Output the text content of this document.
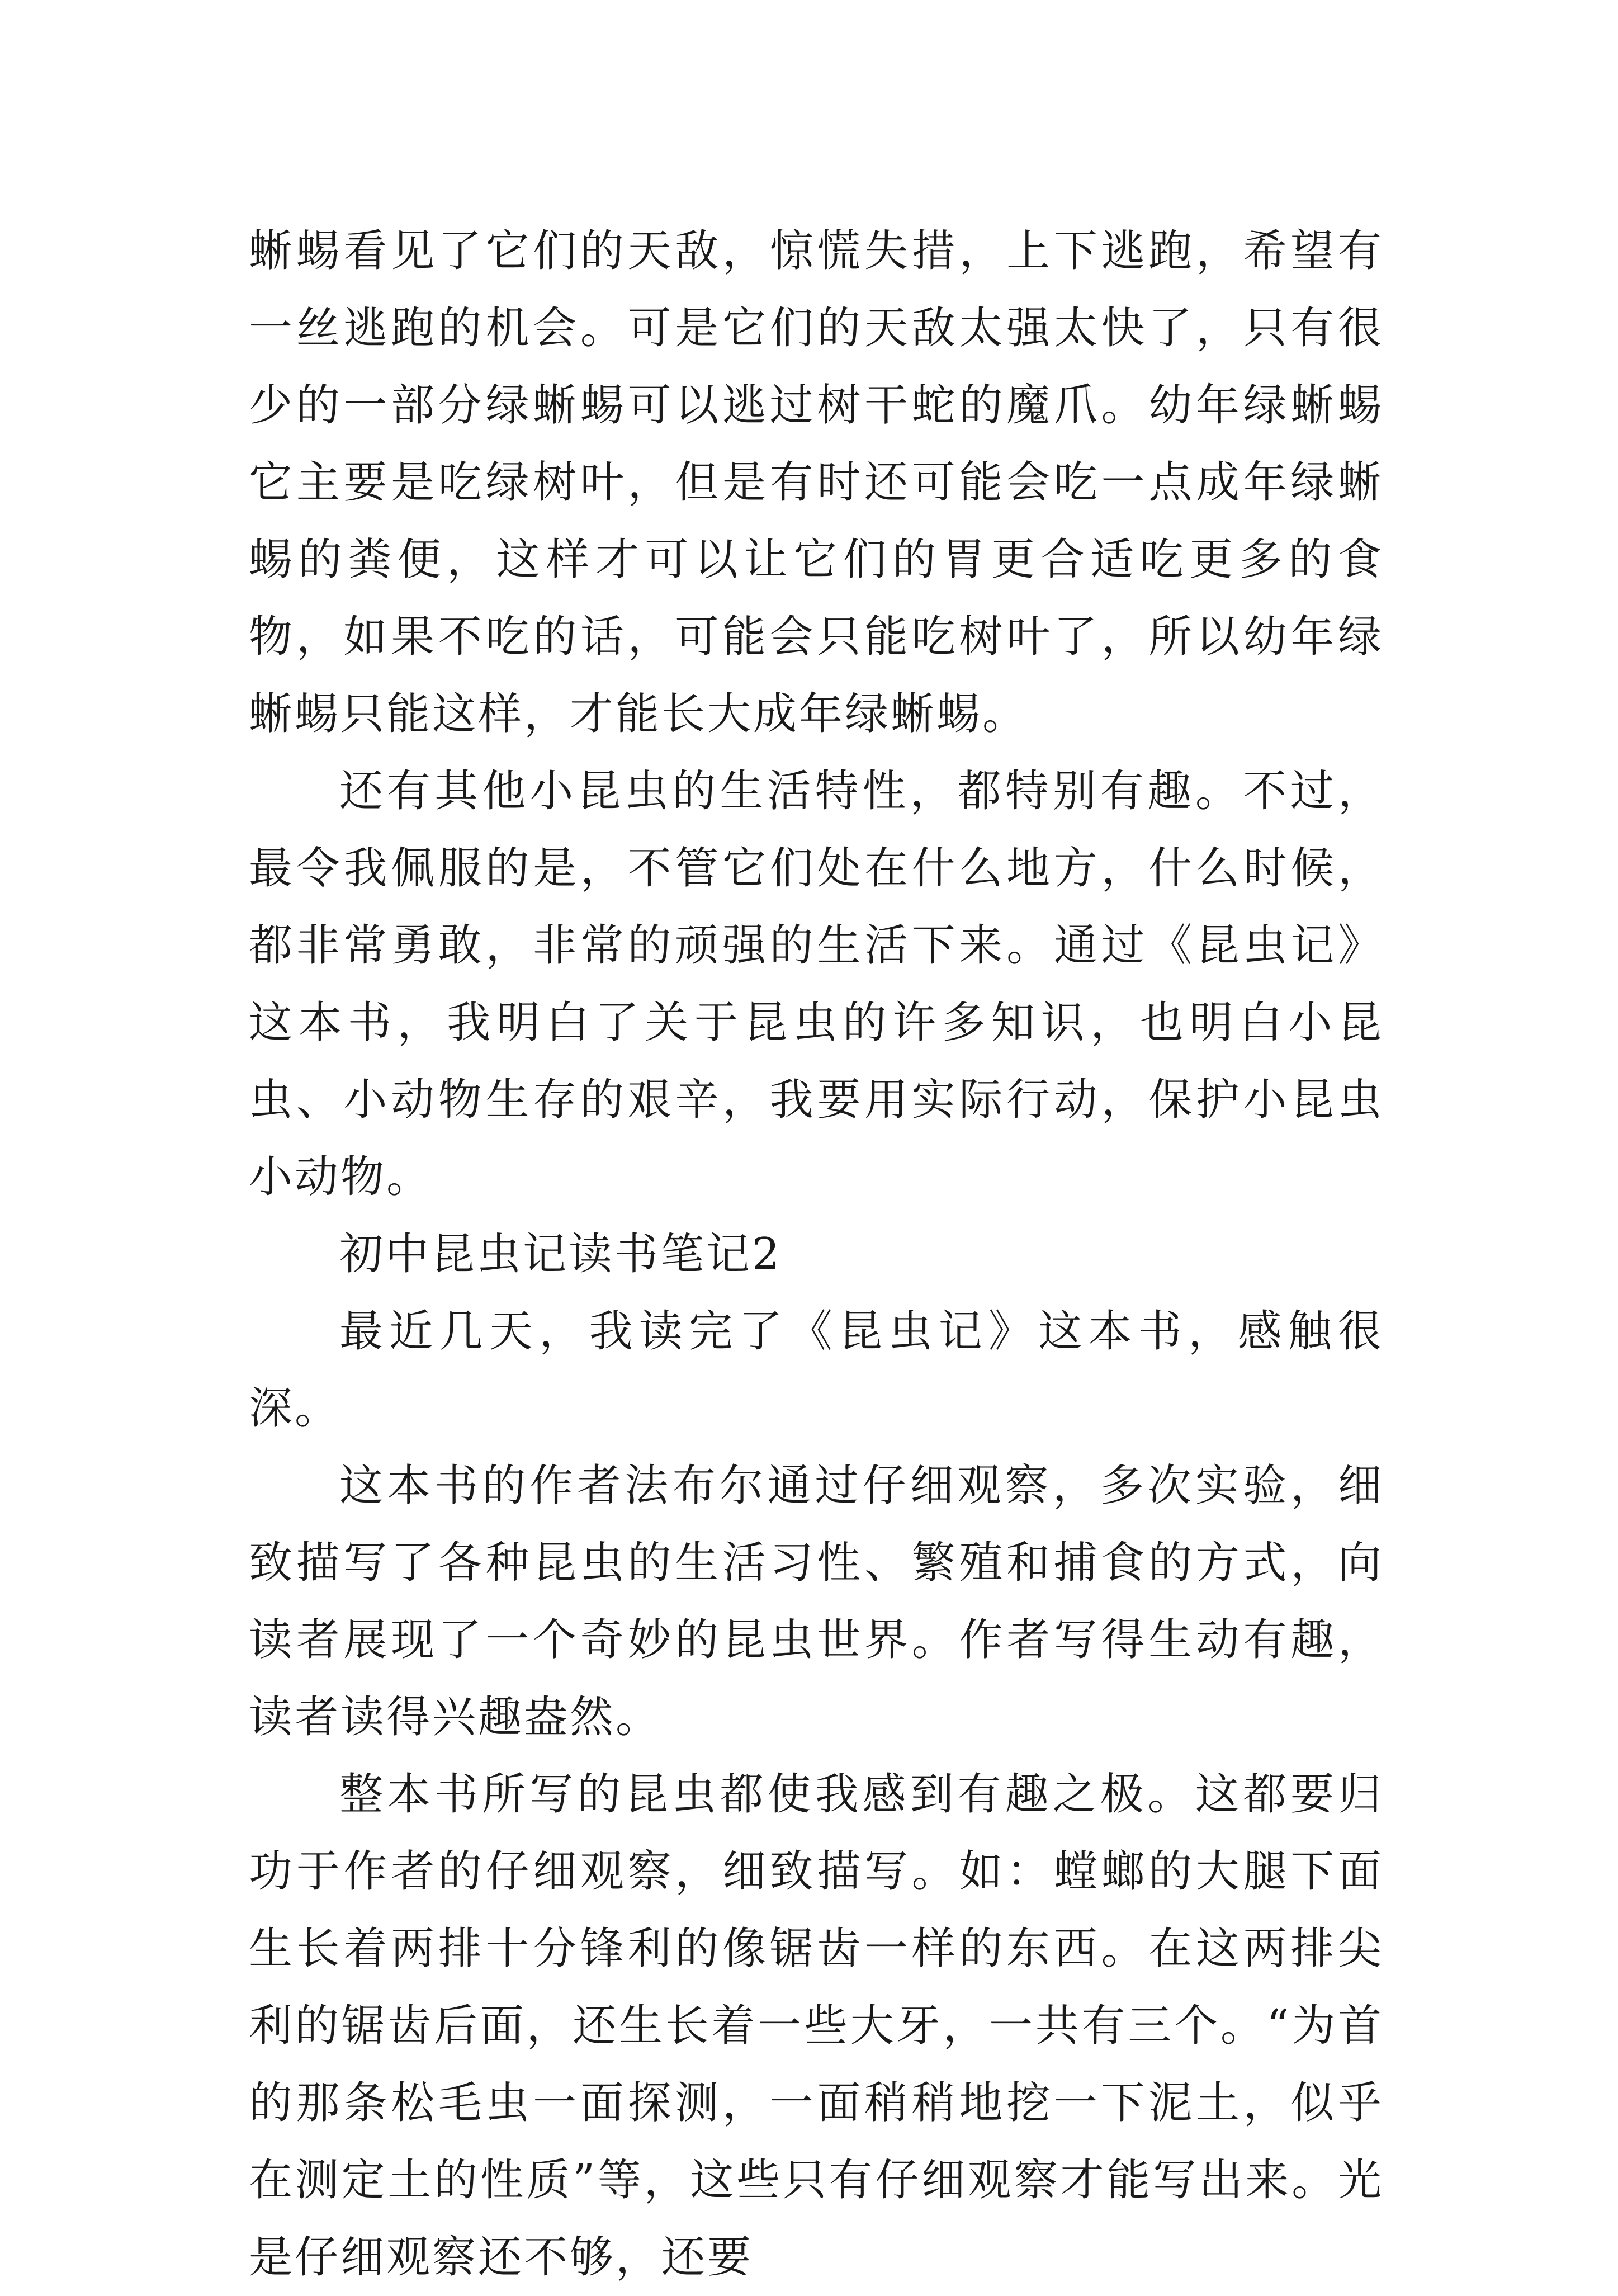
蜥蜴看见了它们的天敌，惊慌失措，上下逃跑，希望有一丝逃跑的机会。可是它们的天敌太强太快了，只有很少的一部分绿蜥蜴可以逃过树干蛇的魔爪。幼年绿蜥蜴它主要是吃绿树叶，但是有时还可能会吃一点成年绿蜥蜴的粪便，这样才可以让它们的胃更合适吃更多的食物，如果不吃的话，可能会只能吃树叶了，所以幼年绿蜥蜴只能这样，才能长大成年绿蜥蜴。

还有其他小昆虫的生活特性，都特别有趣。不过，最令我佩服的是，不管它们处在什么地方，什么时候，都非常勇敢，非常的顽强的生活下来。通过《昆虫记》这本书，我明白了关于昆虫的许多知识，也明白小昆虫、小动物生存的艰辛，我要用实际行动，保护小昆虫小动物。

初中昆虫记读书笔记2

最近几天，我读完了《昆虫记》这本书，感触很深。

这本书的作者法布尔通过仔细观察，多次实验，细致描写了各种昆虫的生活习性、繁殖和捕食的方式，向读者展现了一个奇妙的昆虫世界。作者写得生动有趣，读者读得兴趣盎然。

整本书所写的昆虫都使我感到有趣之极。这都要归功于作者的仔细观察，细致描写。如：螳螂的大腿下面生长着两排十分锋利的像锯齿一样的东西。在这两排尖利的锯齿后面，还生长着一些大牙，一共有三个。“为首的那条松毛虫一面探测，一面稍稍地挖一下泥土，似乎在测定土的性质”等，这些只有仔细观察才能写出来。光是仔细观察还不够，还要
